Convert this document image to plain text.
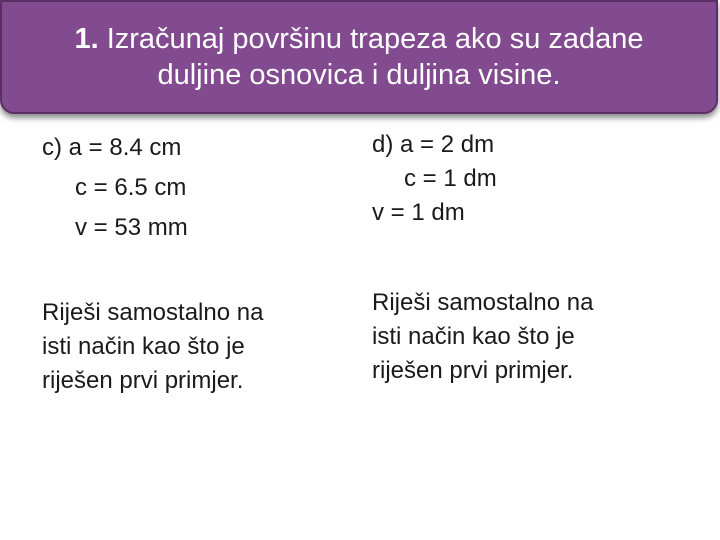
1. Izračunaj površinu trapeza ako su zadane
duljine osnovica i duljina visine.
c) a = 8.4 cm
c = 6.5 cm
v = 53 mm
d) a = 2 dm
c = 1 dm
v = 1 dm
Riješi samostalno na
isti način kao što je
riješen prvi primjer.
Riješi samostalno na
isti način kao što je
riješen prvi primjer.
